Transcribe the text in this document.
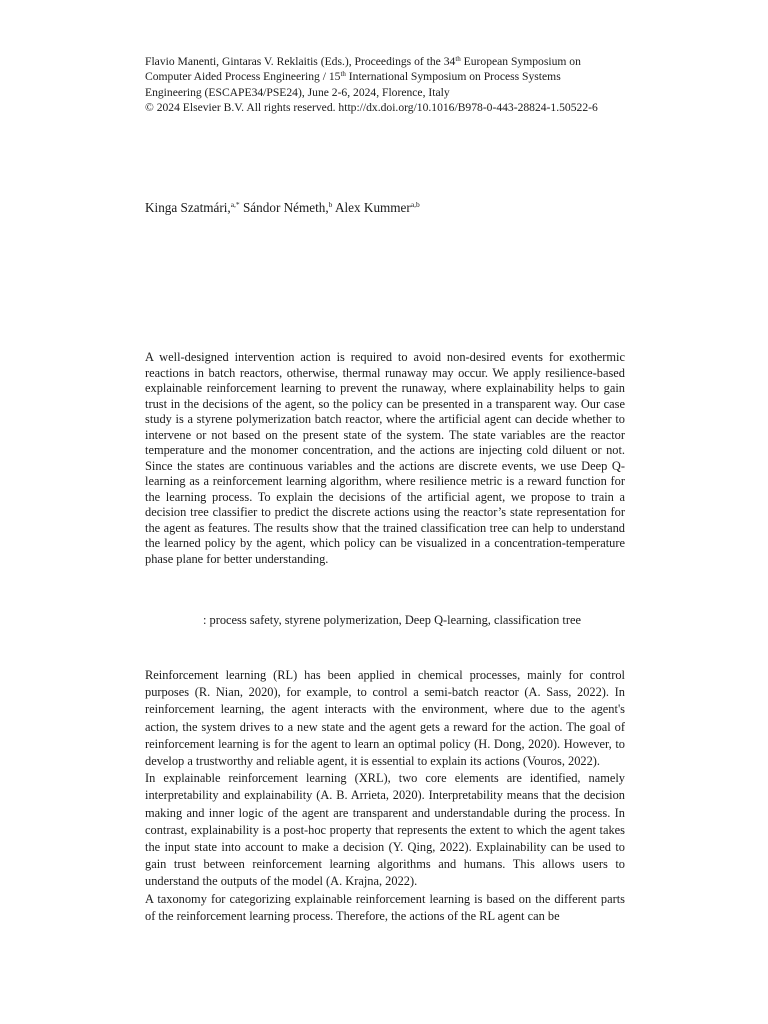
Flavio Manenti, Gintaras V. Reklaitis (Eds.), Proceedings of the 34th European Symposium on

Computer Aided Process Engineering / 15th International Symposium on Process Systems

Engineering (ESCAPE34/PSE24), June 2-6, 2024, Florence, Italy

© 2024 Elsevier B.V. All rights reserved. http://dx.doi.org/10.1016/B978-0-443-28824-1.50522-6

Kinga Szatmári,$^{a,*}$ Sándor Németh,$^b$ Alex Kummer$^{a,b}$

A well-designed intervention action is required to avoid non-desired events for exothermic reactions in batch reactors, otherwise, thermal runaway may occur. We apply resilience-based explainable reinforcement learning to prevent the runaway, where explainability helps to gain trust in the decisions of the agent, so the policy can be presented in a transparent way. Our case study is a styrene polymerization batch reactor, where the artificial agent can decide whether to intervene or not based on the present state of the system. The state variables are the reactor temperature and the monomer concentration, and the actions are injecting cold diluent or not. Since the states are continuous variables and the actions are discrete events, we use Deep Q-learning as a reinforcement learning algorithm, where resilience metric is a reward function for the learning process. To explain the decisions of the artificial agent, we propose to train a decision tree classifier to predict the discrete actions using the reactor’s state representation for the agent as features. The results show that the trained classification tree can help to understand the learned policy by the agent, which policy can be visualized in a concentration-temperature phase plane for better understanding.

: process safety, styrene polymerization, Deep Q-learning, classification tree

Reinforcement learning (RL) has been applied in chemical processes, mainly for control purposes (R. Nian, 2020), for example, to control a semi-batch reactor (A. Sass, 2022). In reinforcement learning, the agent interacts with the environment, where due to the agent's action, the system drives to a new state and the agent gets a reward for the action. The goal of reinforcement learning is for the agent to learn an optimal policy (H. Dong, 2020). However, to develop a trustworthy and reliable agent, it is essential to explain its actions (Vouros, 2022).

In explainable reinforcement learning (XRL), two core elements are identified, namely interpretability and explainability (A. B. Arrieta, 2020). Interpretability means that the decision making and inner logic of the agent are transparent and understandable during the process. In contrast, explainability is a post-hoc property that represents the extent to which the agent takes the input state into account to make a decision (Y. Qing, 2022). Explainability can be used to gain trust between reinforcement learning algorithms and humans. This allows users to understand the outputs of the model (A. Krajna, 2022).

A taxonomy for categorizing explainable reinforcement learning is based on the different parts of the reinforcement learning process. Therefore, the actions of the RL agent can be
